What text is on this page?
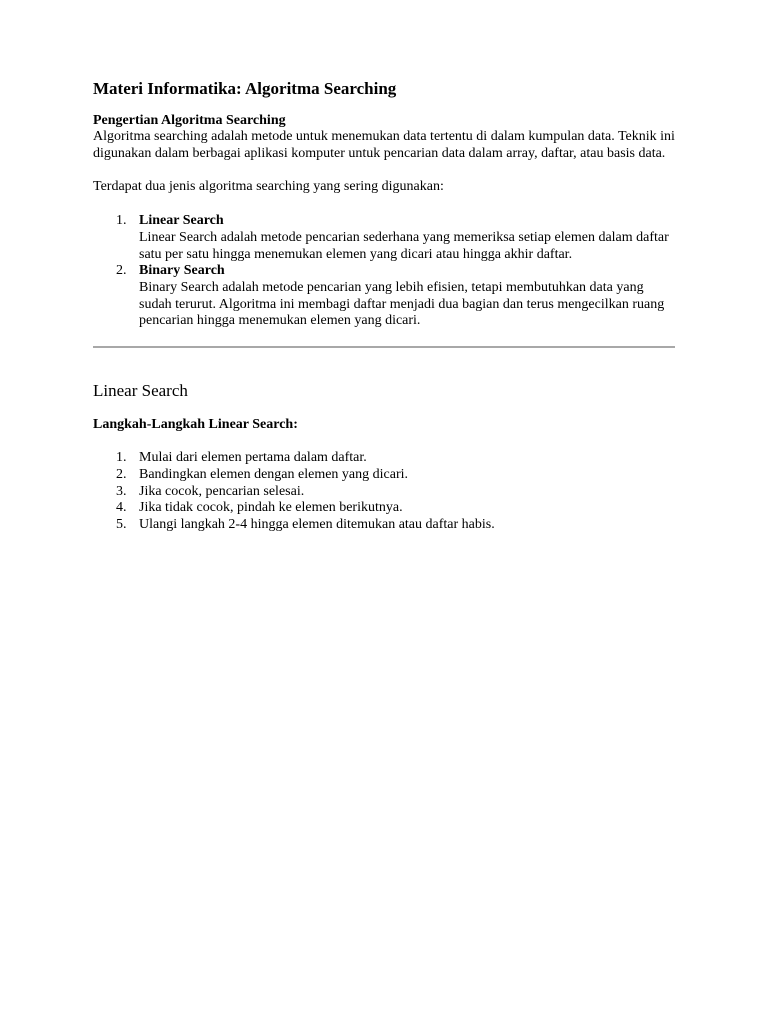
Materi Informatika: Algoritma Searching

Pengertian Algoritma Searching

Algoritma searching adalah metode untuk menemukan data tertentu di dalam kumpulan data. Teknik ini digunakan dalam berbagai aplikasi komputer untuk pencarian data dalam array, daftar, atau basis data.

Terdapat dua jenis algoritma searching yang sering digunakan:

1. Linear Search
Linear Search adalah metode pencarian sederhana yang memeriksa setiap elemen dalam daftar satu per satu hingga menemukan elemen yang dicari atau hingga akhir daftar.
2. Binary Search
Binary Search adalah metode pencarian yang lebih efisien, tetapi membutuhkan data yang sudah terurut. Algoritma ini membagi daftar menjadi dua bagian dan terus mengecilkan ruang pencarian hingga menemukan elemen yang dicari.
Linear Search

Langkah-Langkah Linear Search:

1. Mulai dari elemen pertama dalam daftar.
2. Bandingkan elemen dengan elemen yang dicari.
3. Jika cocok, pencarian selesai.
4. Jika tidak cocok, pindah ke elemen berikutnya.
5. Ulangi langkah 2-4 hingga elemen ditemukan atau daftar habis.
